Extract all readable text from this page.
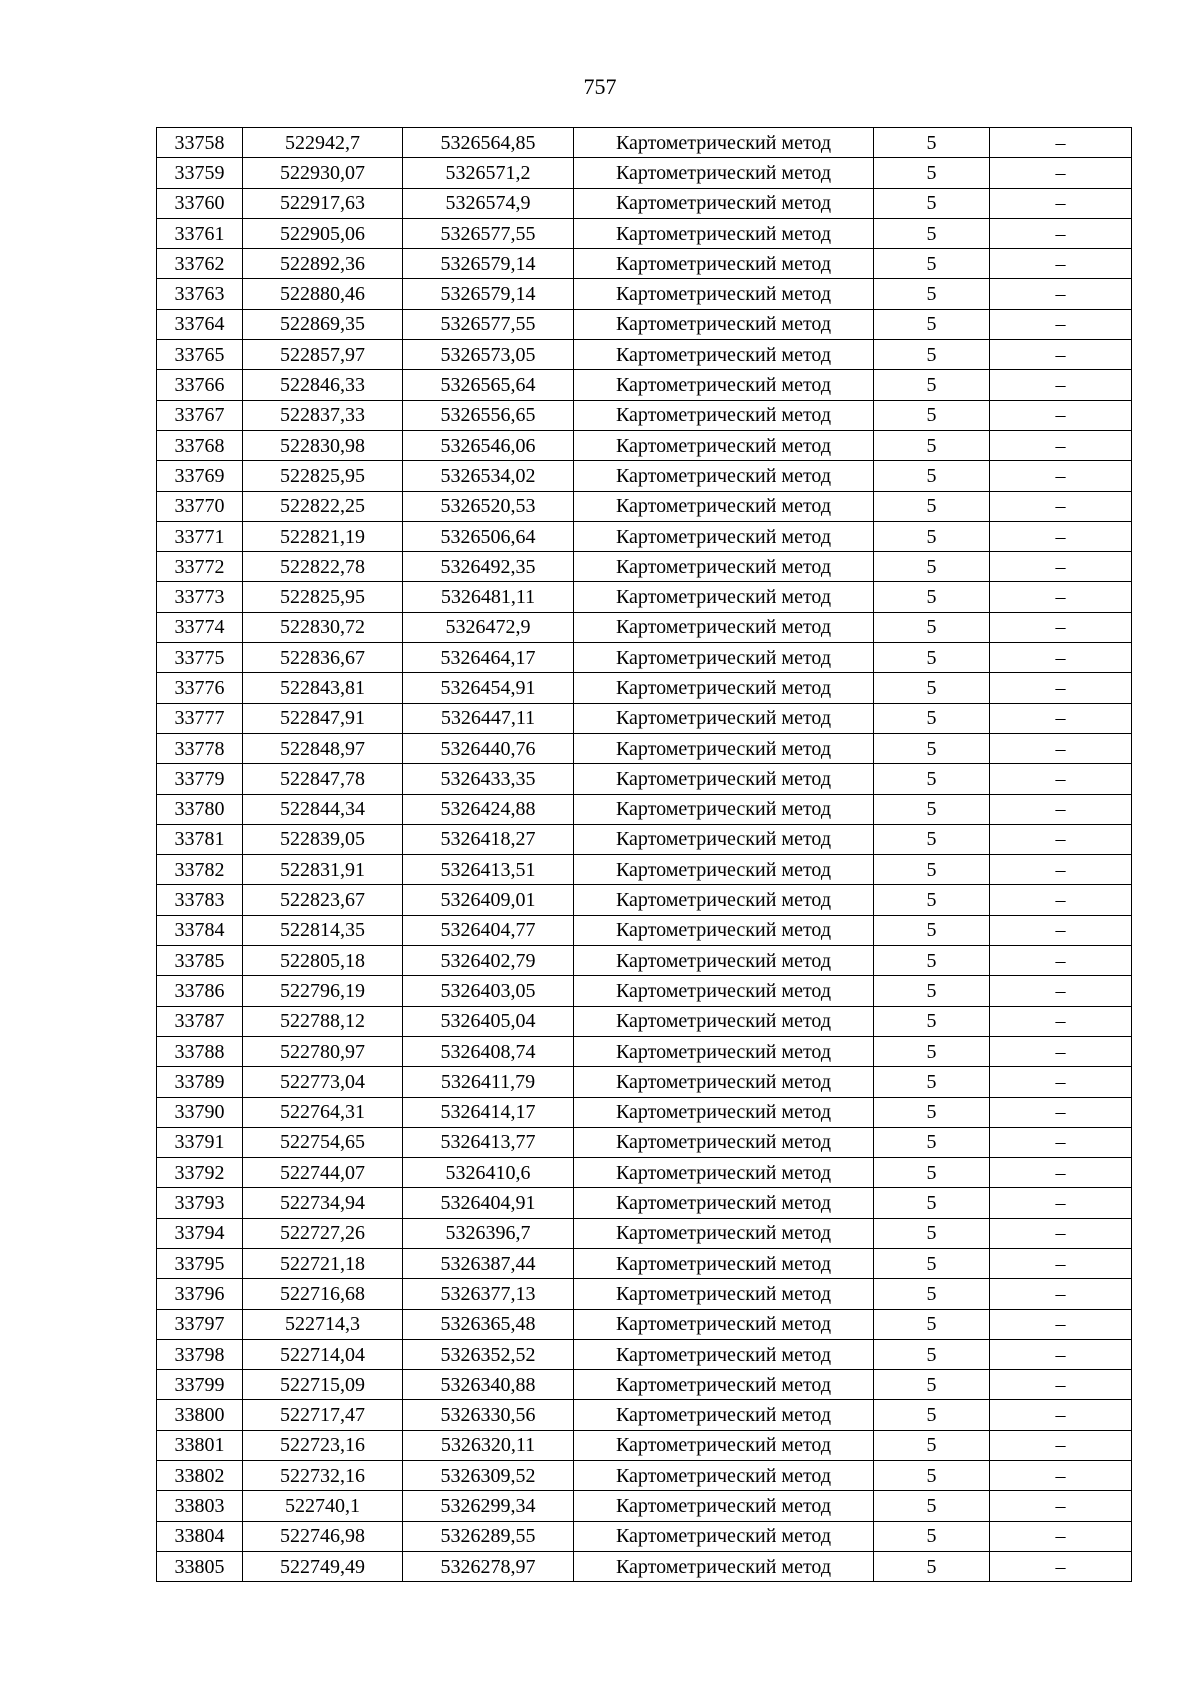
757
33758	522942,7	5326564,85	Картометрический метод	5	–
33759	522930,07	5326571,2	Картометрический метод	5	–
33760	522917,63	5326574,9	Картометрический метод	5	–
33761	522905,06	5326577,55	Картометрический метод	5	–
33762	522892,36	5326579,14	Картометрический метод	5	–
33763	522880,46	5326579,14	Картометрический метод	5	–
33764	522869,35	5326577,55	Картометрический метод	5	–
33765	522857,97	5326573,05	Картометрический метод	5	–
33766	522846,33	5326565,64	Картометрический метод	5	–
33767	522837,33	5326556,65	Картометрический метод	5	–
33768	522830,98	5326546,06	Картометрический метод	5	–
33769	522825,95	5326534,02	Картометрический метод	5	–
33770	522822,25	5326520,53	Картометрический метод	5	–
33771	522821,19	5326506,64	Картометрический метод	5	–
33772	522822,78	5326492,35	Картометрический метод	5	–
33773	522825,95	5326481,11	Картометрический метод	5	–
33774	522830,72	5326472,9	Картометрический метод	5	–
33775	522836,67	5326464,17	Картометрический метод	5	–
33776	522843,81	5326454,91	Картометрический метод	5	–
33777	522847,91	5326447,11	Картометрический метод	5	–
33778	522848,97	5326440,76	Картометрический метод	5	–
33779	522847,78	5326433,35	Картометрический метод	5	–
33780	522844,34	5326424,88	Картометрический метод	5	–
33781	522839,05	5326418,27	Картометрический метод	5	–
33782	522831,91	5326413,51	Картометрический метод	5	–
33783	522823,67	5326409,01	Картометрический метод	5	–
33784	522814,35	5326404,77	Картометрический метод	5	–
33785	522805,18	5326402,79	Картометрический метод	5	–
33786	522796,19	5326403,05	Картометрический метод	5	–
33787	522788,12	5326405,04	Картометрический метод	5	–
33788	522780,97	5326408,74	Картометрический метод	5	–
33789	522773,04	5326411,79	Картометрический метод	5	–
33790	522764,31	5326414,17	Картометрический метод	5	–
33791	522754,65	5326413,77	Картометрический метод	5	–
33792	522744,07	5326410,6	Картометрический метод	5	–
33793	522734,94	5326404,91	Картометрический метод	5	–
33794	522727,26	5326396,7	Картометрический метод	5	–
33795	522721,18	5326387,44	Картометрический метод	5	–
33796	522716,68	5326377,13	Картометрический метод	5	–
33797	522714,3	5326365,48	Картометрический метод	5	–
33798	522714,04	5326352,52	Картометрический метод	5	–
33799	522715,09	5326340,88	Картометрический метод	5	–
33800	522717,47	5326330,56	Картометрический метод	5	–
33801	522723,16	5326320,11	Картометрический метод	5	–
33802	522732,16	5326309,52	Картометрический метод	5	–
33803	522740,1	5326299,34	Картометрический метод	5	–
33804	522746,98	5326289,55	Картометрический метод	5	–
33805	522749,49	5326278,97	Картометрический метод	5	–
